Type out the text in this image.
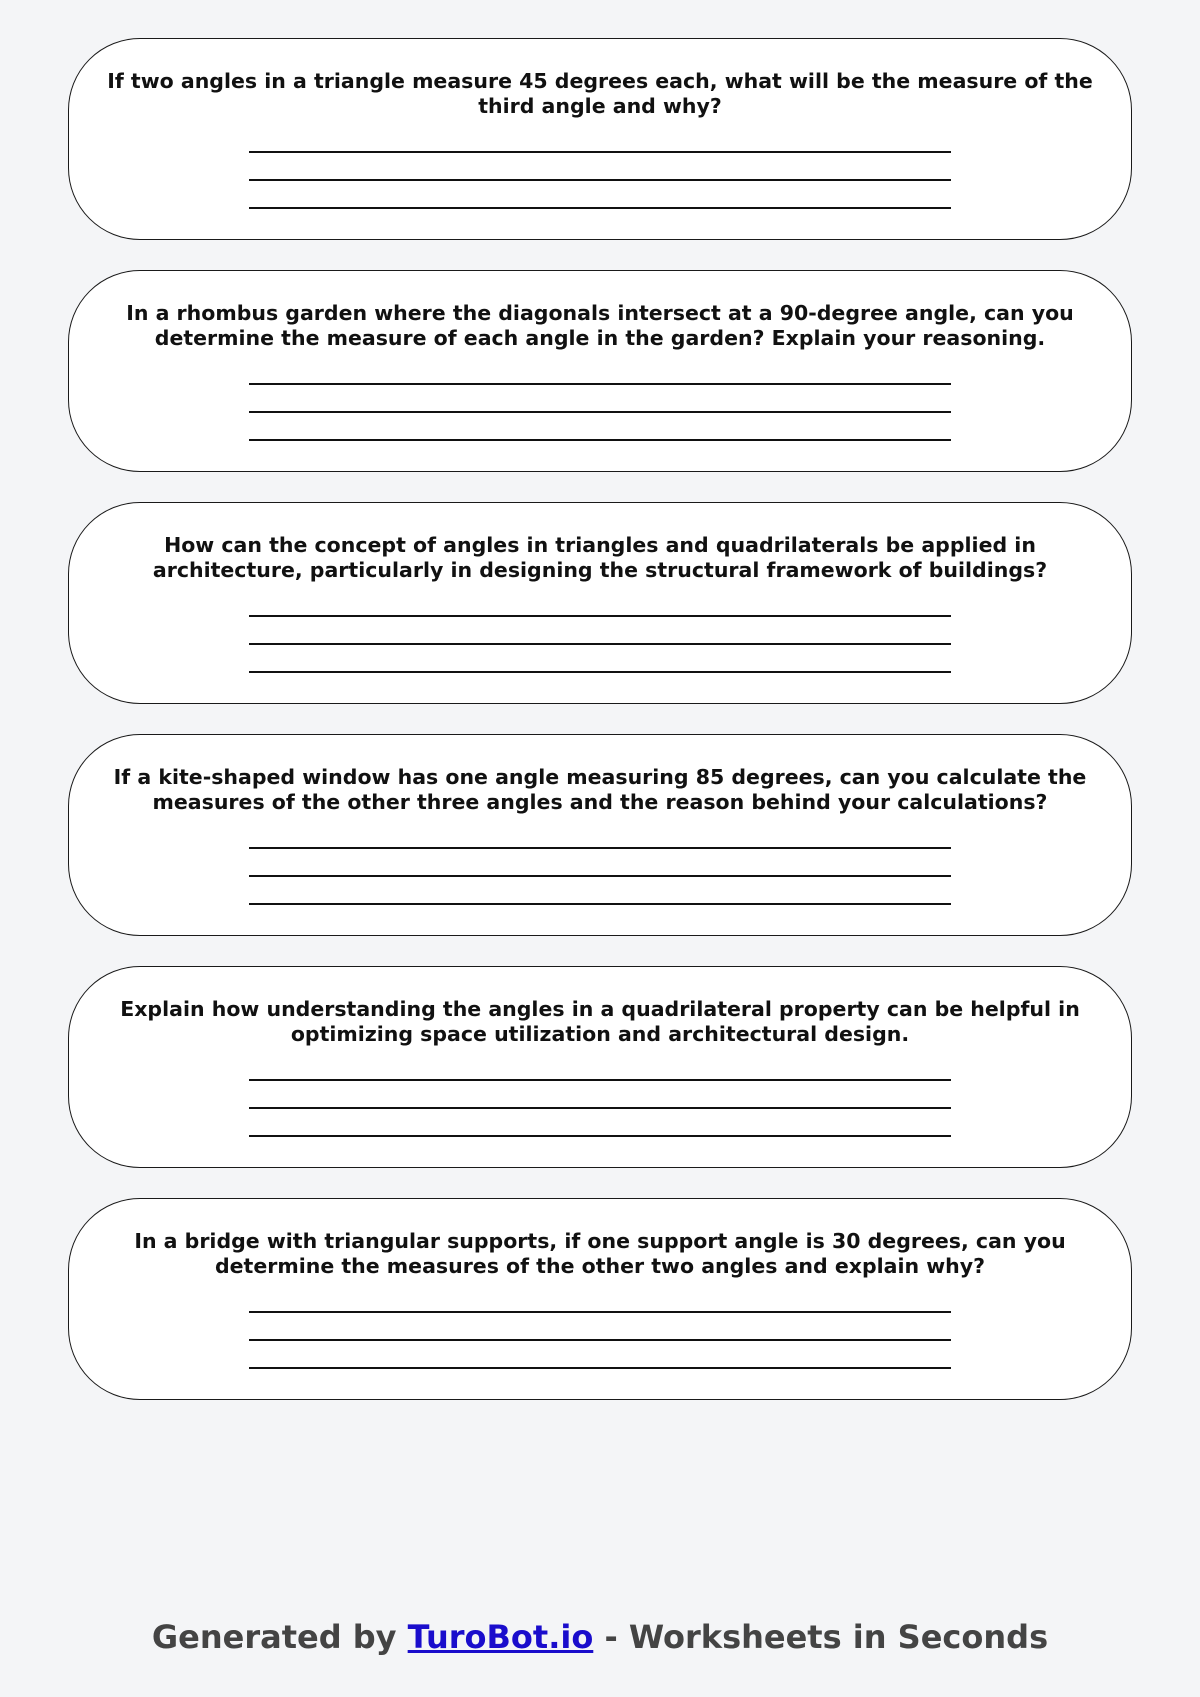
If two angles in a triangle measure 45 degrees each, what will be the measure of the third angle and why?

In a rhombus garden where the diagonals intersect at a 90-degree angle, can you determine the measure of each angle in the garden? Explain your reasoning.

How can the concept of angles in triangles and quadrilaterals be applied in architecture, particularly in designing the structural framework of buildings?

If a kite-shaped window has one angle measuring 85 degrees, can you calculate the measures of the other three angles and the reason behind your calculations?

Explain how understanding the angles in a quadrilateral property can be helpful in optimizing space utilization and architectural design.

In a bridge with triangular supports, if one support angle is 30 degrees, can you determine the measures of the other two angles and explain why?

Generated by TuroBot.io - Worksheets in Seconds
